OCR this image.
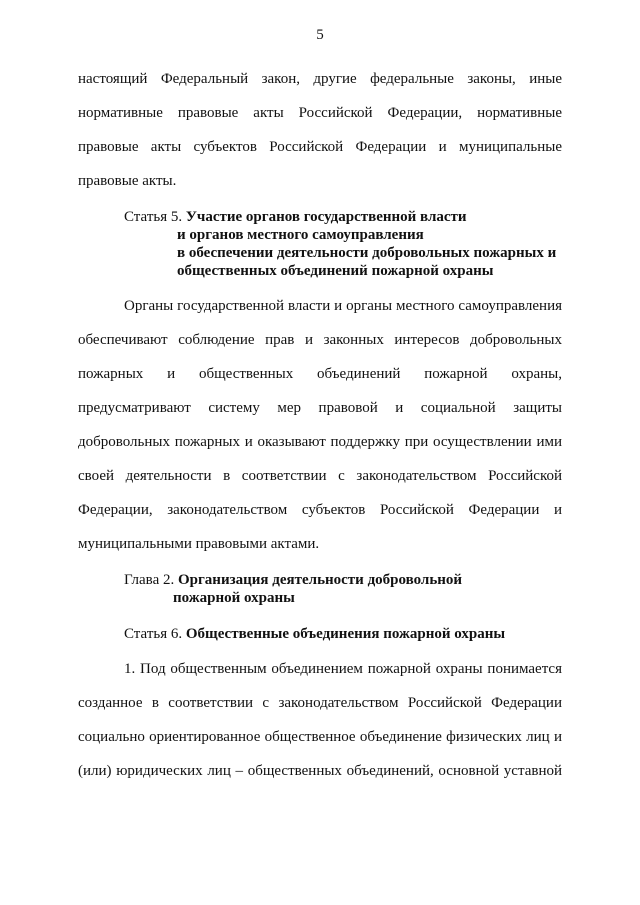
5
настоящий Федеральный закон, другие федеральные законы, иные
нормативные правовые акты Российской Федерации, нормативные
правовые акты субъектов Российской Федерации и муниципальные
правовые акты.
Статья 5. Участие органов государственной власти
и органов местного самоуправления
в обеспечении деятельности добровольных пожарных и
общественных объединений пожарной охраны
Органы государственной власти и органы местного самоуправления
обеспечивают соблюдение прав и законных интересов добровольных
пожарных и общественных объединений пожарной охраны,
предусматривают систему мер правовой и социальной защиты
добровольных пожарных и оказывают поддержку при осуществлении ими
своей деятельности в соответствии с законодательством Российской
Федерации, законодательством субъектов Российской Федерации и
муниципальными правовыми актами.
Глава 2. Организация деятельности добровольной
пожарной охраны
Статья 6. Общественные объединения пожарной охраны
1. Под общественным объединением пожарной охраны понимается
созданное в соответствии с законодательством Российской Федерации
социально ориентированное общественное объединение физических лиц и
(или) юридических лиц – общественных объединений, основной уставной
